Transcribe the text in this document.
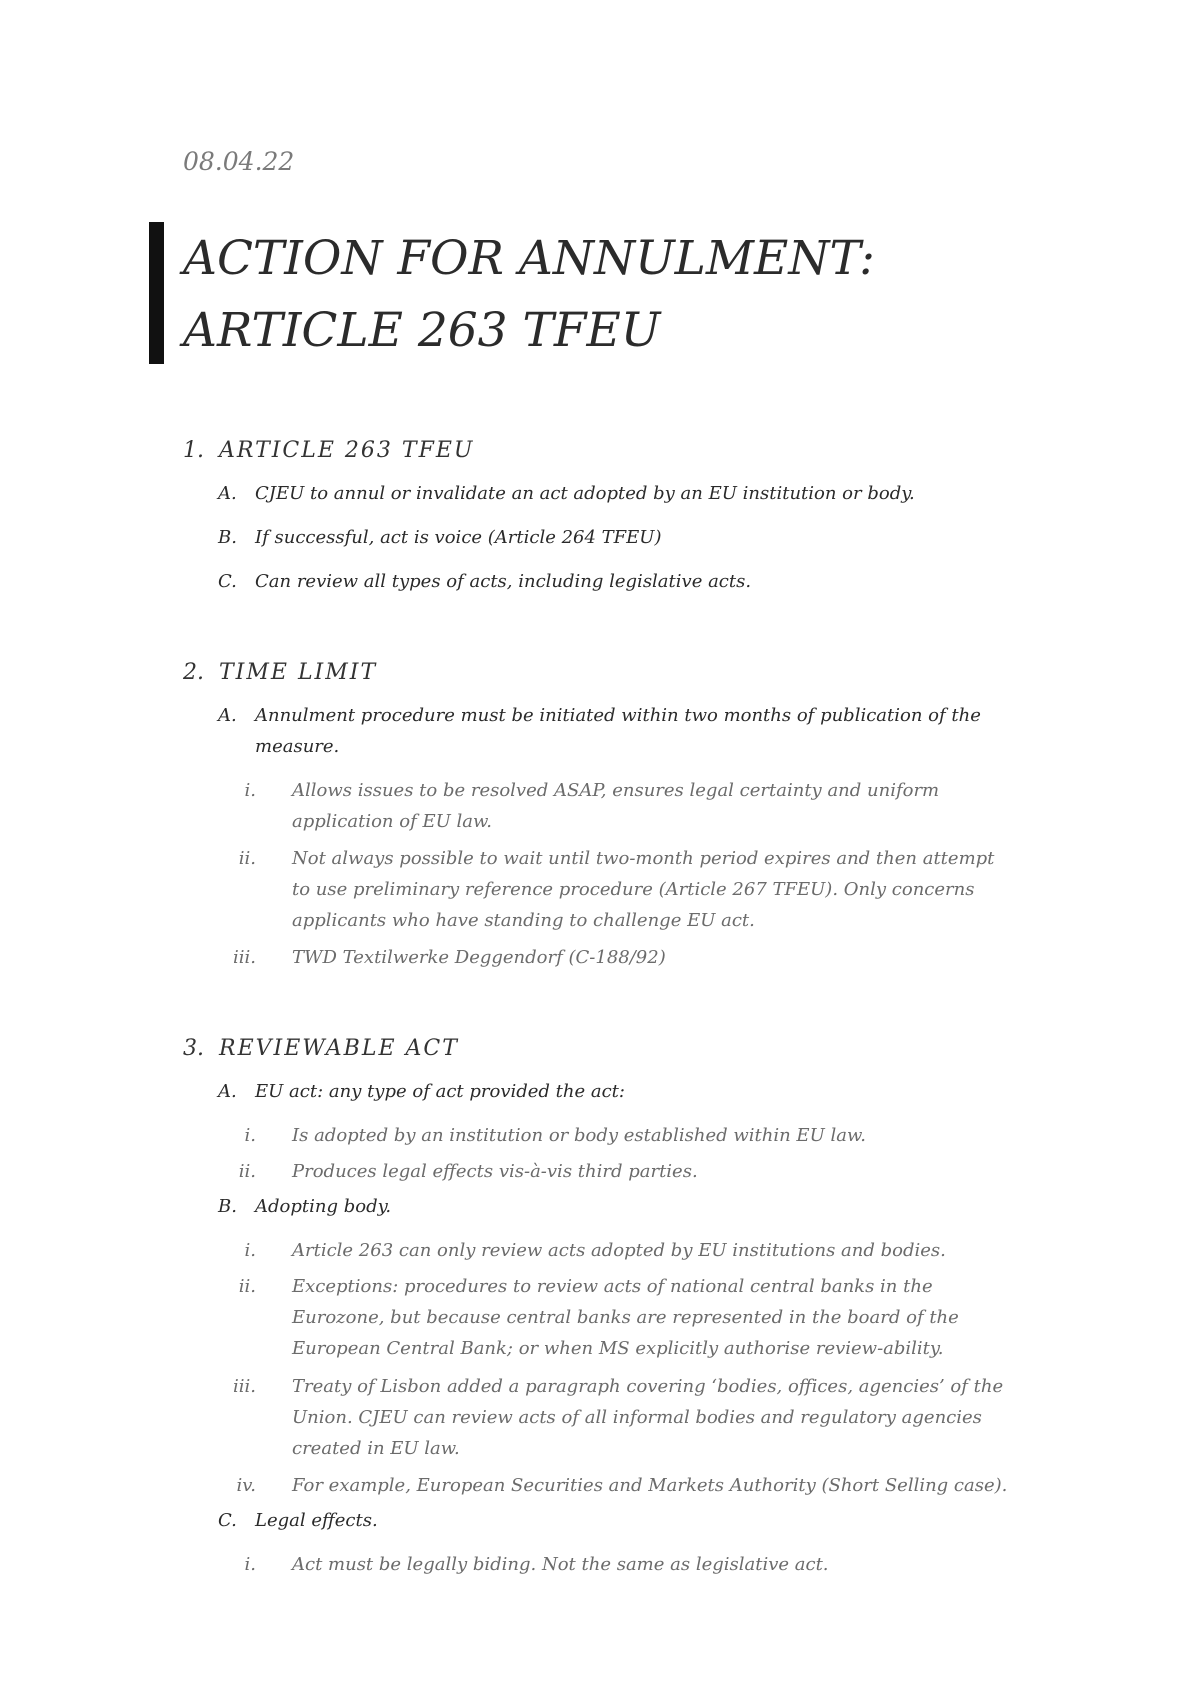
08.04.22
ACTION FOR ANNULMENT:
ARTICLE 263 TFEU
1. ARTICLE 263 TFEU
A.	CJEU to annul or invalidate an act adopted by an EU institution or body.
B.	If successful, act is voice (Article 264 TFEU)
C.	Can review all types of acts, including legislative acts.
2. TIME LIMIT
A.	Annulment procedure must be initiated within two months of publication of the measure.
i. Allows issues to be resolved ASAP, ensures legal certainty and uniform application of EU law.
ii. Not always possible to wait until two-month period expires and then attempt to use preliminary reference procedure (Article 267 TFEU). Only concerns applicants who have standing to challenge EU act.
iii. TWD Textilwerke Deggendorf (C-188/92)
3. REVIEWABLE ACT
A.	EU act: any type of act provided the act:
i. Is adopted by an institution or body established within EU law.
ii. Produces legal effects vis-à-vis third parties.
B.	Adopting body.
i. Article 263 can only review acts adopted by EU institutions and bodies.
ii. Exceptions: procedures to review acts of national central banks in the Eurozone, but because central banks are represented in the board of the European Central Bank; or when MS explicitly authorise review-ability.
iii. Treaty of Lisbon added a paragraph covering ‘bodies, offices, agencies’ of the Union. CJEU can review acts of all informal bodies and regulatory agencies created in EU law.
iv. For example, European Securities and Markets Authority (Short Selling case).
C.	Legal effects.
i. Act must be legally biding. Not the same as legislative act.
